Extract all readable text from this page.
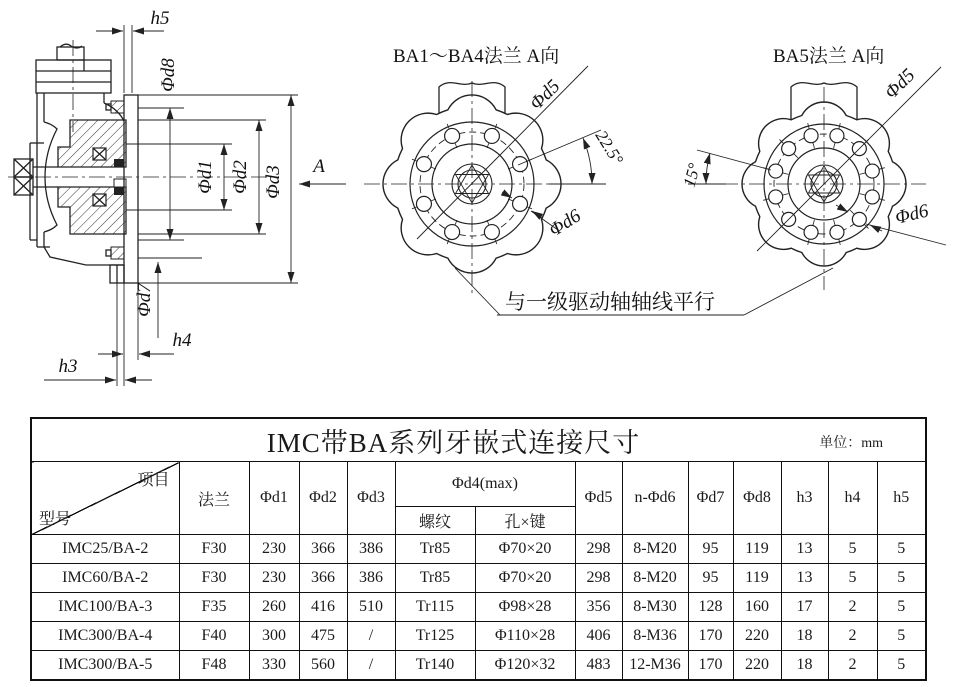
h5
Φd8
Φd1 Φd2 Φd3
Φd7
h4
h3
A
BA1～BA4法兰 A向
Φd5
22.5°
Φd6
BA5法兰 A向
Φd5
15°
Φd6
与一级驱动轴轴线平行
IMC带BA系列牙嵌式连接尺寸 单位：mm													

项目
型号	法兰	Φd1	Φd2	Φd3	Φd4(max)		Φd5	n-Φd6	Φd7	Φd8	h3	h4	h5
					螺纹	孔×键							
IMC25/BA-2	F30	230	366	386	Tr85	Φ70×20	298	8-M20	95	119	13	5	5
IMC60/BA-2	F30	230	366	386	Tr85	Φ70×20	298	8-M20	95	119	13	5	5
IMC100/BA-3	F35	260	416	510	Tr115	Φ98×28	356	8-M30	128	160	17	2	5
IMC300/BA-4	F40	300	475	/	Tr125	Φ110×28	406	8-M36	170	220	18	2	5
IMC300/BA-5	F48	330	560	/	Tr140	Φ120×32	483	12-M36	170	220	18	2	5
